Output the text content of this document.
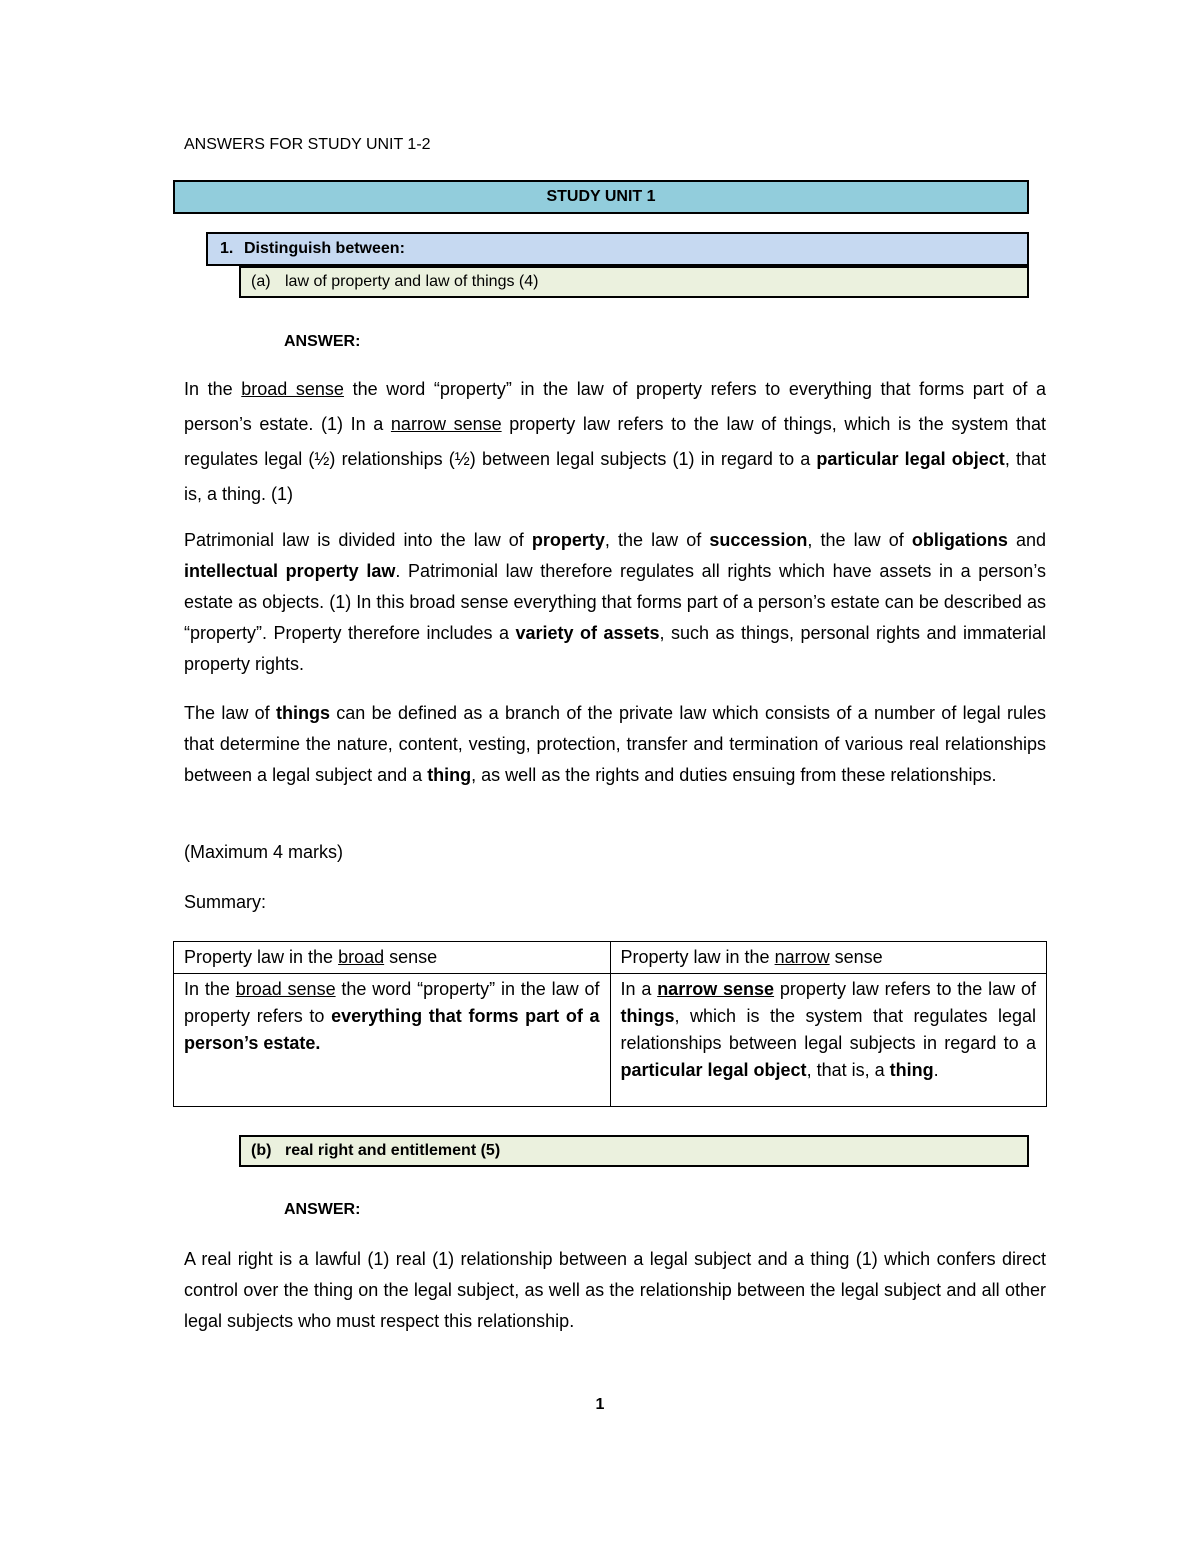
ANSWERS FOR STUDY UNIT 1-2
STUDY UNIT 1
1. Distinguish between:
(a) law of property and law of things (4)
ANSWER:
In the broad sense the word “property” in the law of property refers to everything that forms part of a person’s estate. (1) In a narrow sense property law refers to the law of things, which is the system that regulates legal (½) relationships (½) between legal subjects (1) in regard to a particular legal object, that is, a thing. (1)
Patrimonial law is divided into the law of property, the law of succession, the law of obligations and intellectual property law. Patrimonial law therefore regulates all rights which have assets in a person’s estate as objects. (1) In this broad sense everything that forms part of a person’s estate can be described as “property”. Property therefore includes a variety of assets, such as things, personal rights and immaterial property rights.
The law of things can be defined as a branch of the private law which consists of a number of legal rules that determine the nature, content, vesting, protection, transfer and termination of various real relationships between a legal subject and a thing, as well as the rights and duties ensuing from these relationships.
(Maximum 4 marks)
Summary:
Property law in the broad sense	Property law in the narrow sense
In the broad sense the word “property” in the law of property refers to everything that forms part of a person’s estate.	In a narrow sense property law refers to the law of things, which is the system that regulates legal relationships between legal subjects in regard to a particular legal object, that is, a thing.
(b) real right and entitlement (5)
ANSWER:
A real right is a lawful (1) real (1) relationship between a legal subject and a thing (1) which confers direct control over the thing on the legal subject, as well as the relationship between the legal subject and all other legal subjects who must respect this relationship.
1
